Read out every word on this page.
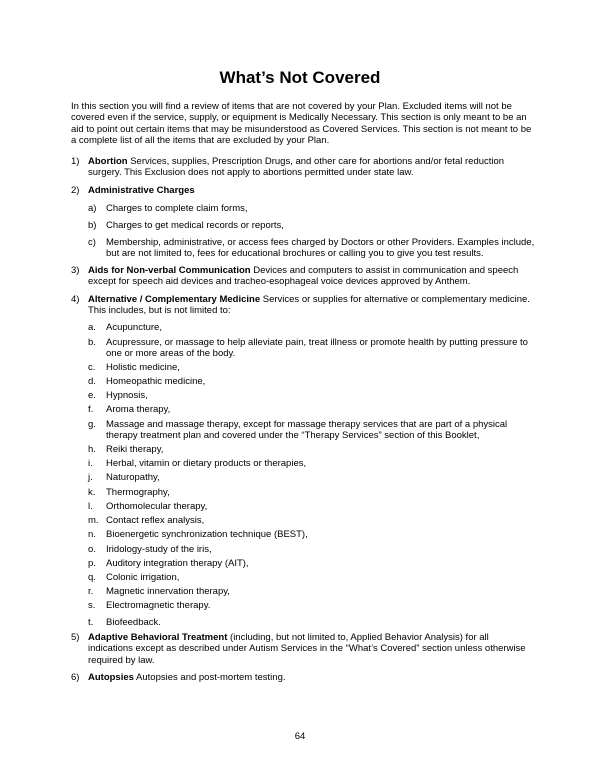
What’s Not Covered
In this section you will find a review of items that are not covered by your Plan. Excluded items will not be covered even if the service, supply, or equipment is Medically Necessary. This section is only meant to be an aid to point out certain items that may be misunderstood as Covered Services. This section is not meant to be a complete list of all the items that are excluded by your Plan.
1) Abortion Services, supplies, Prescription Drugs, and other care for abortions and/or fetal reduction surgery. This Exclusion does not apply to abortions permitted under state law.
2) Administrative Charges
a)	Charges to complete claim forms,
b)	Charges to get medical records or reports,
c)	Membership, administrative, or access fees charged by Doctors or other Providers. Examples include, but are not limited to, fees for educational brochures or calling you to give you test results.
3) Aids for Non-verbal Communication Devices and computers to assist in communication and speech except for speech aid devices and tracheo-esophageal voice devices approved by Anthem.
4) Alternative / Complementary Medicine Services or supplies for alternative or complementary medicine. This includes, but is not limited to:
a.	Acupuncture,
b.	Acupressure, or massage to help alleviate pain, treat illness or promote health by putting pressure to one or more areas of the body.
c.	Holistic medicine,
d.	Homeopathic medicine,
e.	Hypnosis,
f.	Aroma therapy,
g.	Massage and massage therapy, except for massage therapy services that are part of a physical therapy treatment plan and covered under the “Therapy Services” section of this Booklet,
h.	Reiki therapy,
i.	Herbal, vitamin or dietary products or therapies,
j.	Naturopathy,
k.	Thermography,
l.	Orthomolecular therapy,
m. Contact reflex analysis,
n.	Bioenergetic synchronization technique (BEST),
o.	Iridology-study of the iris,
p.	Auditory integration therapy (AIT),
q.	Colonic irrigation,
r.	Magnetic innervation therapy,
s.	Electromagnetic therapy.
t.	Biofeedback.
5) Adaptive Behavioral Treatment (including, but not limited to, Applied Behavior Analysis) for all indications except as described under Autism Services in the “What’s Covered” section unless otherwise required by law.
6) Autopsies Autopsies and post-mortem testing.
64
